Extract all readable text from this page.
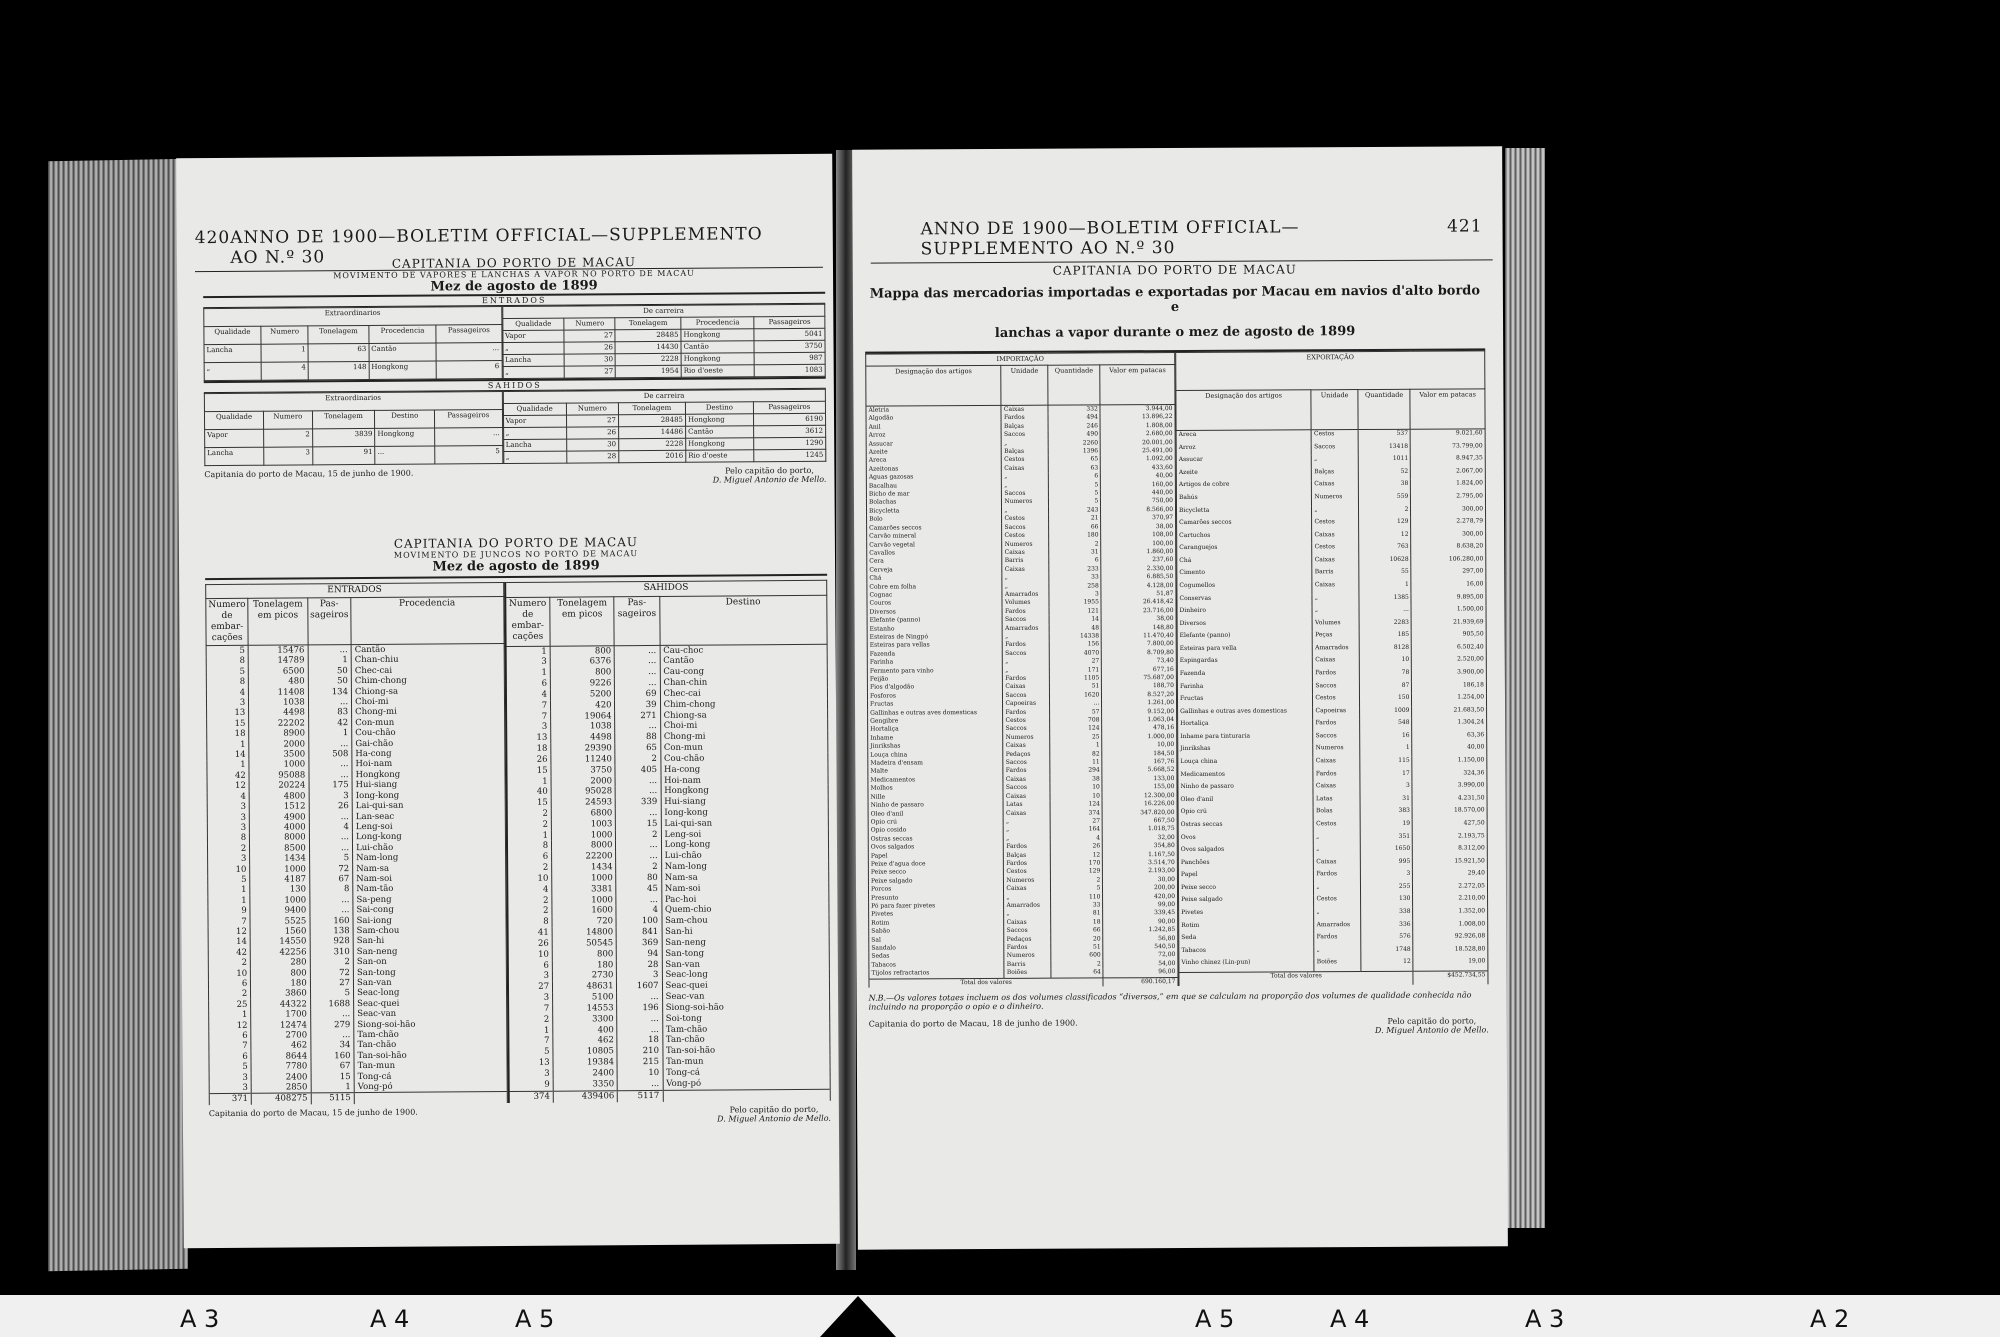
420 ANNO DE 1900—BOLETIM OFFICIAL—SUPPLEMENTO AO N.º 30	CAPITANIA DO PORTO DE MACAU
MOVIMENTO DE VAPORES E LANCHAS A VAPOR NO PORTO DE MACAU
Mez de agosto de 1899
ENTRADOS
Extraordinarios				
Qualidade	Numero	Tonelagem	Procedencia	Passageiros
Lancha	1	63	Cantão	...
„	4	148	Hongkong	6
De carreira				
Qualidade	Numero	Tonelagem	Procedencia	Passageiros
Vapor	27	28485	Hongkong	5041
„	26	14430	Cantão	3750
Lancha	30	2228	Hongkong	987
„	27	1954	Rio d'oeste	1083
SAHIDOS
Extraordinarios				
Qualidade	Numero	Tonelagem	Destino	Passageiros
Vapor	2	3839	Hongkong	...
Lancha	3	91	...	5
De carreira				
Qualidade	Numero	Tonelagem	Destino	Passageiros
Vapor	27	28485	Hongkong	6190
„	26	14486	Cantão	3612
Lancha	30	2228	Hongkong	1290
„	28	2016	Rio d'oeste	1245
Capitania do porto de Macau, 15 de junho de 1900.	Pelo capitão do porto,
D. Miguel Antonio de Mello.
CAPITANIA DO PORTO DE MACAU
MOVIMENTO DE JUNCOS NO PORTO DE MACAU
Mez de agosto de 1899
ENTRADOS			
Numero de embar-cações	Tonelagem em picos	Pas-sageiros	Procedencia
5	15476	...	Cantão
8	14789	1	Chan-chiu
5	6500	50	Chec-cai
8	480	50	Chim-chong
4	11408	134	Chiong-sa
3	1038	...	Choi-mi
13	4498	83	Chong-mi
15	22202	42	Con-mun
18	8900	1	Cou-chão
1	2000	...	Gai-chão
14	3500	508	Ha-cong
1	1000	...	Hoi-nam
42	95088	...	Hongkong
12	20224	175	Hui-siang
4	4800	3	Iong-kong
3	1512	26	Lai-qui-san
3	4900	...	Lan-seac
3	4000	4	Leng-soi
8	8000	...	Long-kong
2	8500	...	Lui-chão
3	1434	5	Nam-long
10	1000	72	Nam-sa
5	4187	67	Nam-soi
1	130	8	Nam-tão
1	1000	...	Sa-peng
9	9400	...	Sai-cong
7	5525	160	Sai-iong
12	1560	138	Sam-chou
14	14550	928	San-hi
42	42256	310	San-neng
2	280	2	San-on
10	800	72	San-tong
6	180	27	San-van
2	3860	5	Seac-long
25	44322	1688	Seac-quei
1	1700	...	Seac-van
12	12474	279	Siong-soi-hão
6	2700	...	Tam-chão
7	462	34	Tan-chão
6	8644	160	Tan-soi-hão
5	7780	67	Tan-mun
3	2400	15	Tong-cá
3	2850	1	Vong-pó
371	408275	5115	
SAHIDOS			
Numero de embar-cações	Tonelagem em picos	Pas-sageiros	Destino
1	800	...	Cau-choc
3	6376	...	Cantão
1	800	...	Cau-cong
6	9226	...	Chan-chin
4	5200	69	Chec-cai
7	420	39	Chim-chong
7	19064	271	Chiong-sa
3	1038	...	Choi-mi
13	4498	88	Chong-mi
18	29390	65	Con-mun
26	11240	2	Cou-chão
15	3750	405	Ha-cong
1	2000	...	Hoi-nam
40	95028	...	Hongkong
15	24593	339	Hui-siang
2	6800	...	Iong-kong
2	1003	15	Lai-qui-san
1	1000	2	Leng-soi
8	8000	...	Long-kong
6	22200	...	Lui-chão
2	1434	2	Nam-long
10	1000	80	Nam-sa
4	3381	45	Nam-soi
2	1000	...	Pac-hoi
2	1600	4	Quem-chio
8	720	100	Sam-chou
41	14800	841	San-hi
26	50545	369	San-neng
10	800	94	San-tong
6	180	28	San-van
3	2730	3	Seac-long
27	48631	1607	Seac-quei
3	5100	...	Seac-van
7	14553	196	Siong-soi-hão
2	3300	...	Soi-tong
1	400	...	Tam-chão
7	462	18	Tan-chão
5	10805	210	Tan-soi-hão
13	19384	215	Tan-mun
3	2400	10	Tong-cá
9	3350	...	Vong-pó
374	439406	5117	
Capitania do porto de Macau, 15 de junho de 1900.	Pelo capitão do porto,
D. Miguel Antonio de Mello.
ANNO DE 1900—BOLETIM OFFICIAL—SUPPLEMENTO AO N.º 30
421
CAPITANIA DO PORTO DE MACAU
Mappa das mercadorias importadas e exportadas por Macau em navios d'alto bordo e
lanchas a vapor durante o mez de agosto de 1899
IMPORTAÇÃO			
Designação dos artigos	Unidade	Quantidade	Valor em patacas
Aletria	Caixas	332	3.944,00
Algodão	Fardos	494	13.896,22
Anil	Balças	246	1.808,00
Arroz	Saccos	490	2.680,00
Assucar	„	2260	20.001,00
Azeite	Balças	1396	25.491,00
Areca	Cestos	65	1.092,00
Azeitonas	Caixas	63	433,60
Aguas gazosas	„	6	40,00
Bacalhau	„	5	160,00
Bicho de mar	Saccos	5	440,00
Bolachas	Numeros	5	750,00
Bicycletta	„	243	8.566,00
Bolo	Cestos	21	370,97
Camarões seccos	Saccos	66	38,00
Carvão mineral	Cestos	180	108,00
Carvão vegetal	Numeros	2	100,00
Cavallos	Caixas	31	1.860,00
Cera	Barris	6	237,60
Cerveja	Caixas	233	2.330,00
Chá	„	33	6.885,50
Cobre em folha	„	258	4.128,00
Cognac	Amarrados	3	51,87
Couros	Volumes	1955	26.418,42
Diversos	Fardos	121	23.716,00
Elefante (panno)	Saccos	14	38,00
Estanho	Amarrados	48	148,80
Esteiras de Ningpó	„	14338	11.470,40
Esteiras para vellas	Fardos	156	7.800,00
Fazenda	Saccos	4070	8.709,80
Farinha	„	27	73,40
Fermento para vinho	„	171	677,16
Feijão	Fardos	1105	75.687,00
Fios d'algodão	Caixas	51	188,70
Fosforos	Saccos	1620	8.527,20
Fructas	Capoeiras	...	1.261,00
Gallinhas e outras aves domesticas	Fardos	57	9.152,00
Gengibre	Cestos	708	1.063,04
Hortaliça	Saccos	124	478,16
Inhame	Numeros	25	1.000,00
Jinrikshas	Caixas	1	10,00
Louça china	Pedaços	82	184,50
Madeira d'ensam	Saccos	11	167,76
Malte	Fardos	294	5.668,52
Medicamentos	Caixas	38	133,00
Molhos	Saccos	10	155,00
Nille	Caixas	10	12.300,00
Ninho de passaro	Latas	124	16.226,00
Oleo d'anil	Caixas	374	347.820,00
Opio crú	„	27	667,50
Opio cosido	„	164	1.018,75
Ostras seccas	„	4	32,00
Ovos salgados	Fardos	26	354,80
Papel	Balças	12	1.167,50
Peixe d'agua doce	Fardos	170	3.514,70
Peixe secco	Cestos	129	2.193,00
Peixe salgado	Numeros	2	30,00
Porcos	Caixas	5	200,00
Presunto	„	110	420,00
Pó para fazer pivetes	Amarrados	33	99,00
Pivetes	„	81	339,45
Rotim	Caixas	18	90,00
Sabão	Saccos	66	1.242,85
Sal	Pedaços	20	56,80
Sandalo	Fardos	51	540,50
Sedas	Numeros	600	72,00
Tabacos	Barris	2	54,00
Tijolos refractarios	Boiões	64	96,00
Total dos valores			690.160,17
EXPORTAÇÃO			
Designação dos artigos	Unidade	Quantidade	Valor em patacas
Areca	Cestos	537	9.021,60
Arroz	Saccos	13418	73.799,00
Assucar	„	1011	8.947,35
Azeite	Balças	52	2.067,00
Artigos de cobre	Caixas	38	1.824,00
Bahús	Numeros	559	2.795,00
Bicycletta	„	2	300,00
Camarões seccos	Cestos	129	2.278,79
Cartuchos	Caixas	12	300,00
Caranguejos	Cestos	763	8.638,20
Chá	Caixas	10628	106.280,00
Cimento	Barris	55	297,00
Cogumellos	Caixas	1	16,00
Conservas	„	1385	9.895,00
Dinheiro	„	...	1.500,00
Diversos	Volumes	2283	21.939,69
Elefante (panno)	Peças	185	905,50
Esteiras para vella	Amarrados	8128	6.502,40
Espingardas	Caixas	10	2.520,00
Fazenda	Fardos	78	3.900,00
Farinha	Saccos	87	186,18
Fructas	Cestos	150	1.254,00
Gallinhas e outras aves domesticas	Capoeiras	1009	21.683,50
Hortaliça	Fardos	548	1.304,24
Inhame para tinturaria	Saccos	16	63,36
Jinrikshas	Numeros	1	40,00
Louça china	Caixas	115	1.150,00
Medicamentos	Fardos	17	324,36
Ninho de passaro	Caixas	3	3.990,00
Oleo d'anil	Latas	31	4.231,50
Opio crú	Bolas	383	18.570,00
Ostras seccas	Cestos	19	427,50
Ovos	„	351	2.193,75
Ovos salgados	„	1650	8.312,00
Panchões	Caixas	995	15.921,50
Papel	Fardos	3	29,40
Peixe secco	„	255	2.272,05
Peixe salgado	Cestos	130	2.210,00
Pivetes	„	338	1.352,00
Rotim	Amarrados	336	1.008,00
Seda	Fardos	576	92.926,08
Tabacos	„	1748	18.528,80
Vinho chinez (Lin-pun)	Boiões	12	19,00
Total dos valores			$452.734,55
N.B.—Os valores totaes incluem os dos volumes classificados “diversos,” em que se calculam na proporção dos volumes de qualidade conhecida não incluindo na proporção o opio e o dinheiro.
Capitania do porto de Macau, 18 de junho de 1900.	Pelo capitão do porto,
D. Miguel Antonio de Mello.
A 3	A 4	A 5	A 5	A 4	A 3	A 2
